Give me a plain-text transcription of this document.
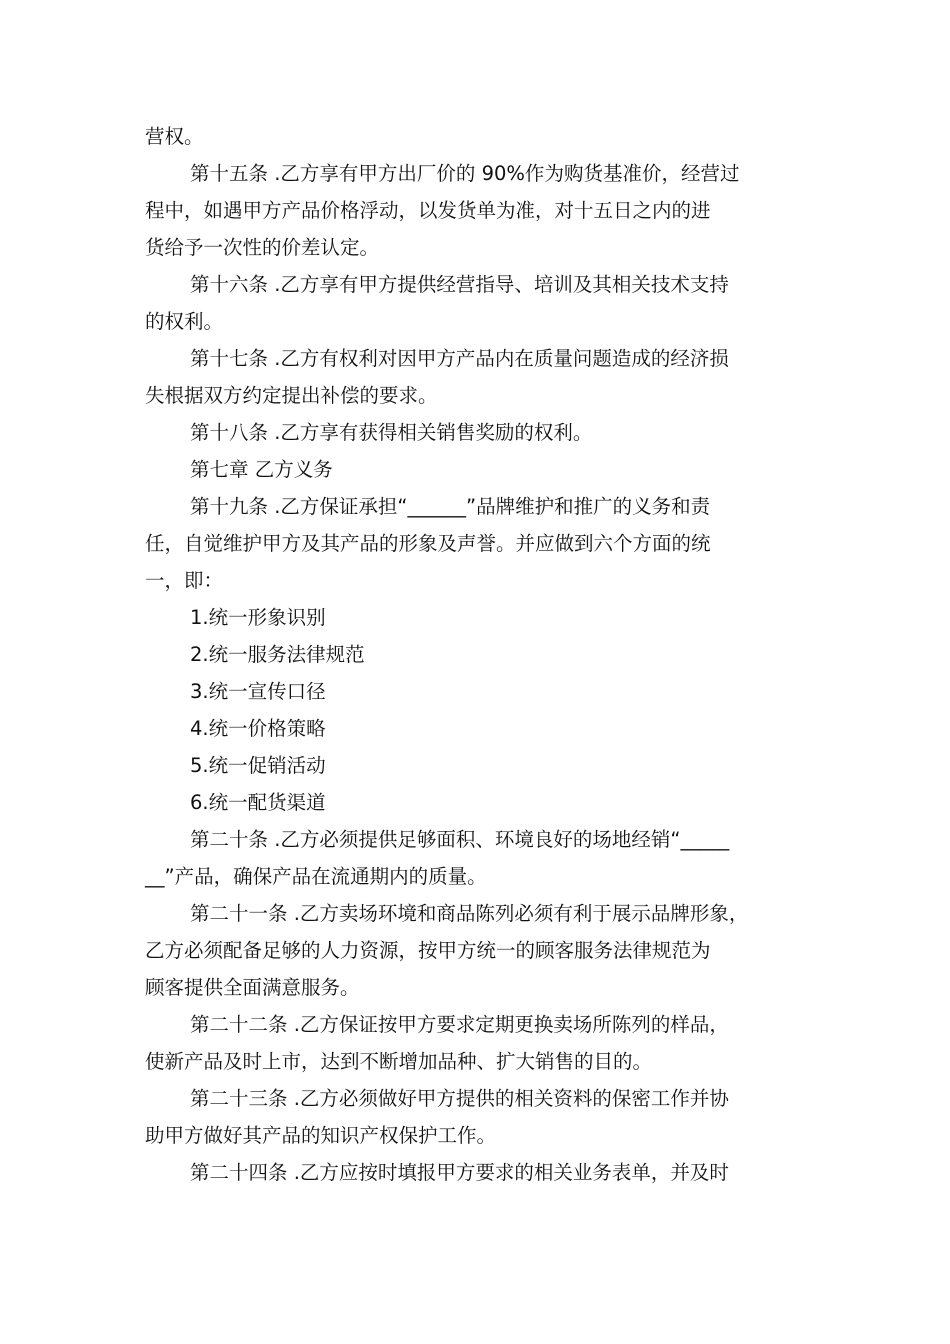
营权。

第十五条 .乙方享有甲方出厂价的 90%作为购货基准价，经营过

程中，如遇甲方产品价格浮动，以发货单为准，对十五日之内的进

货给予一次性的价差认定。

第十六条 .乙方享有甲方提供经营指导、培训及其相关技术支持

的权利。

第十七条 .乙方有权利对因甲方产品内在质量问题造成的经济损

失根据双方约定提出补偿的要求。

第十八条 .乙方享有获得相关销售奖励的权利。

第七章 乙方义务

第十九条 .乙方保证承担“______”品牌维护和推广的义务和责

任，自觉维护甲方及其产品的形象及声誉。并应做到六个方面的统

一，即：

1.统一形象识别

2.统一服务法律规范

3.统一宣传口径

4.统一价格策略

5.统一促销活动

6.统一配货渠道

第二十条 .乙方必须提供足够面积、环境良好的场地经销“_____

__”产品，确保产品在流通期内的质量。

第二十一条 .乙方卖场环境和商品陈列必须有利于展示品牌形象，

乙方必须配备足够的人力资源，按甲方统一的顾客服务法律规范为

顾客提供全面满意服务。

第二十二条 .乙方保证按甲方要求定期更换卖场所陈列的样品，

使新产品及时上市，达到不断增加品种、扩大销售的目的。

第二十三条 .乙方必须做好甲方提供的相关资料的保密工作并协

助甲方做好其产品的知识产权保护工作。

第二十四条 .乙方应按时填报甲方要求的相关业务表单，并及时
